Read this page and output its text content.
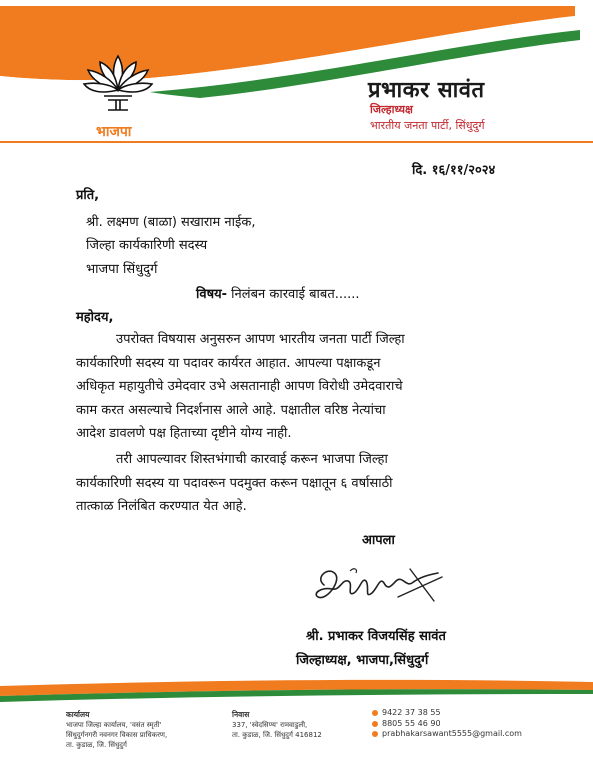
भाजपा
प्रभाकर सावंत
जिल्हाध्यक्ष
भारतीय जनता पार्टी, सिंधुदुर्ग
दि. १६/११/२०२४
प्रति,
श्री. लक्ष्मण (बाळा) सखाराम नाईक,
जिल्हा कार्यकारिणी सदस्य
भाजपा सिंधुदुर्ग
विषय- निलंबन कारवाई बाबत......
महोदय,
उपरोक्त विषयास अनुसरुन आपण भारतीय जनता पार्टी जिल्हा
कार्यकारिणी सदस्य या पदावर कार्यरत आहात. आपल्या पक्षाकडून
अधिकृत महायुतीचे उमेदवार उभे असतानाही आपण विरोधी उमेदवाराचे
काम करत असल्याचे निदर्शनास आले आहे. पक्षातील वरिष्ठ नेत्यांचा
आदेश डावलणे पक्ष हिताच्या दृष्टीने योग्य नाही.
तरी आपल्यावर शिस्तभंगाची कारवाई करून भाजपा जिल्हा
कार्यकारिणी सदस्य या पदावरून पदमुक्त करून पक्षातून ६ वर्षासाठी
तात्काळ निलंबित करण्यात येत आहे.
आपला
श्री. प्रभाकर विजयसिंह सावंत
जिल्हाध्यक्ष, भाजपा,सिंधुदुर्ग
कार्यालय
भाजपा जिल्हा कार्यालय, 'वसंत स्मृती'
सिंधुदुर्गनगरी नवनगर विकास प्राधिकरण,
ता. कुडाळ, जि. सिंधुदुर्ग
निवास
337, 'स्वेदसिण्य' रामवाडुली,
ता. कुडाळ, जि. सिंधुदुर्ग 416812
9422 37 38 55
8805 55 46 90
prabhakarsawant5555@gmail.com
